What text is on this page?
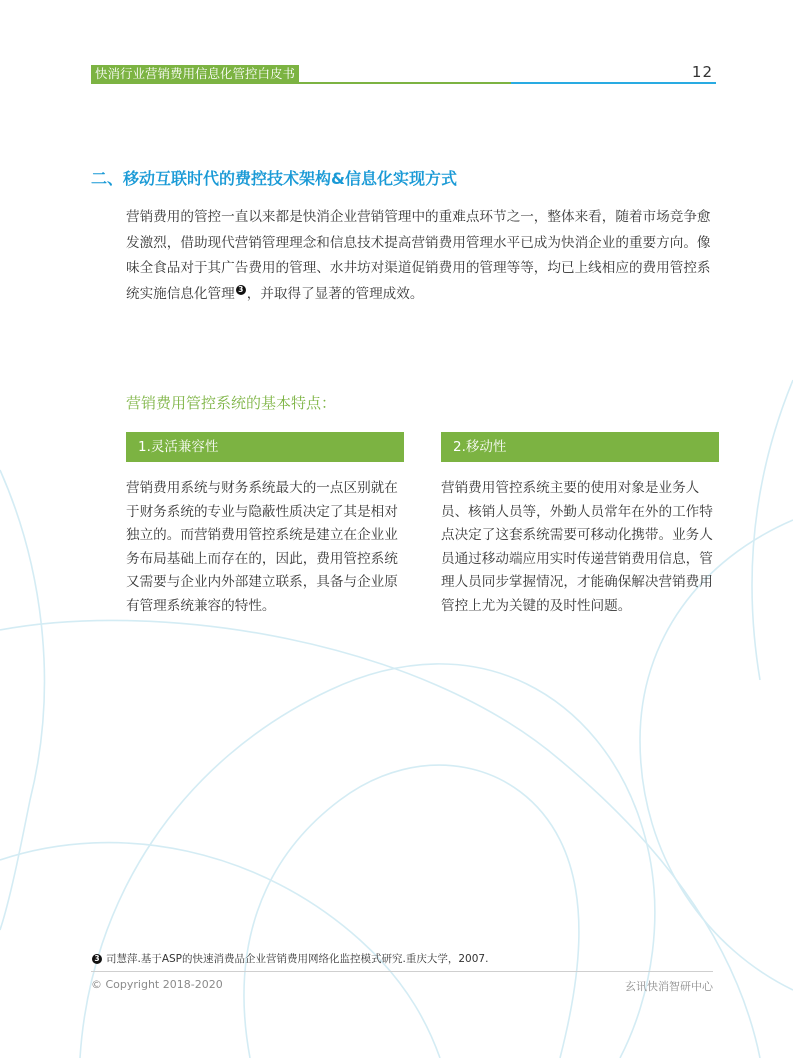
快消行业营销费用信息化管控白皮书	12
二、移动互联时代的费控技术架构&信息化实现方式
营销费用的管控一直以来都是快消企业营销管理中的重难点环节之一，整体来看，随着市场竞争愈发激烈，借助现代营销管理理念和信息技术提高营销费用管理水平已成为快消企业的重要方向。像味全食品对于其广告费用的管理、水井坊对渠道促销费用的管理等等，均已上线相应的费用管控系统实施信息化管理 3 ，并取得了显著的管理成效。
营销费用管控系统的基本特点：
1.灵活兼容性	2.移动性
营销费用系统与财务系统最大的一点区别就在于财务系统的专业与隐蔽性质决定了其是相对独立的。而营销费用管控系统是建立在企业业务布局基础上而存在的，因此，费用管控系统又需要与企业内外部建立联系，具备与企业原有管理系统兼容的特性。
营销费用管控系统主要的使用对象是业务人员、核销人员等，外勤人员常年在外的工作特点决定了这套系统需要可移动化携带。业务人员通过移动端应用实时传递营销费用信息，管理人员同步掌握情况，才能确保解决营销费用管控上尤为关键的及时性问题。
3 司慧萍.基于ASP的快速消费品企业营销费用网络化监控模式研究.重庆大学，2007.
© Copyright 2018-2020	玄讯快消智研中心
